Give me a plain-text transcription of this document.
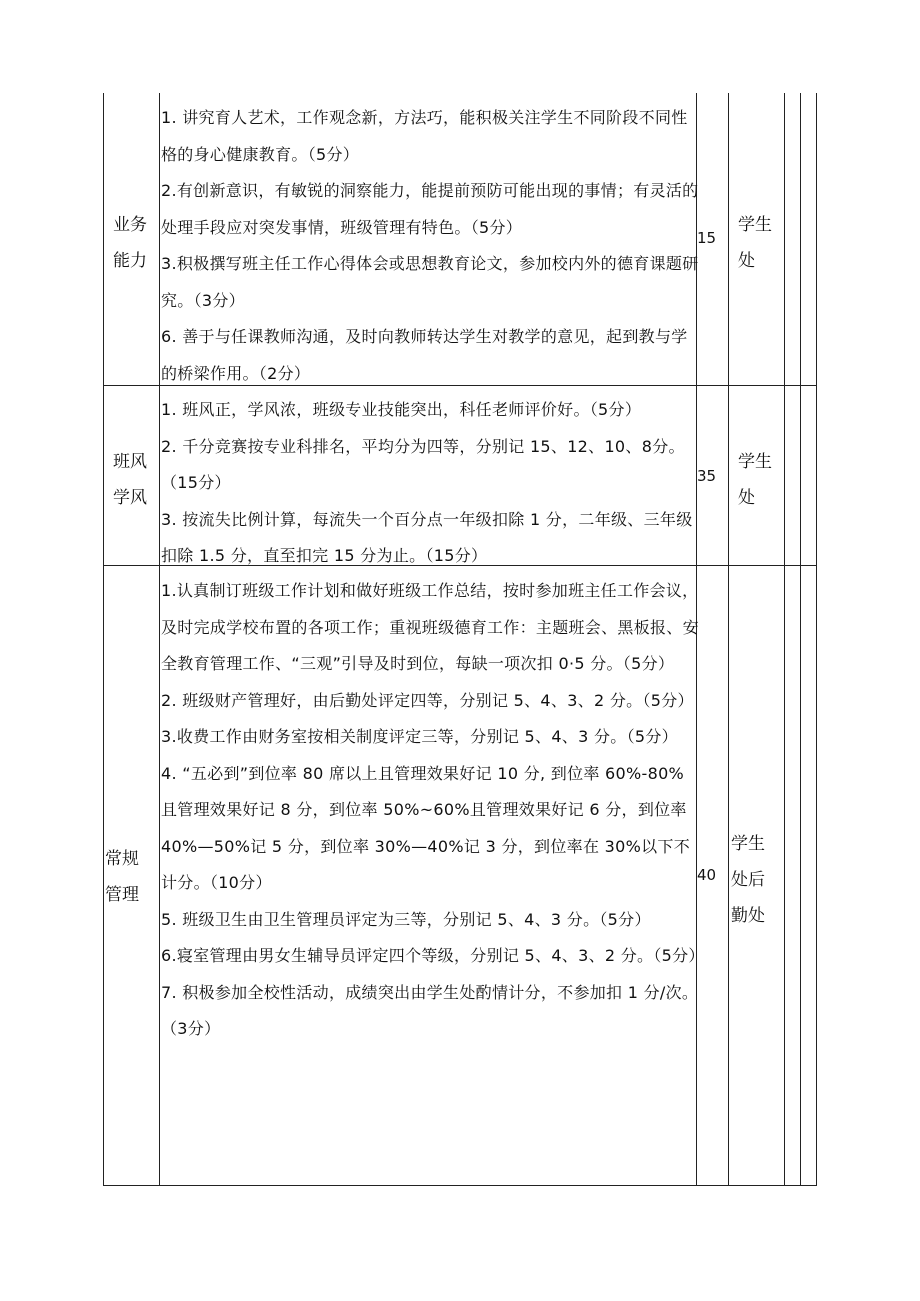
业务
能力
1. 讲究育人艺术，工作观念新，方法巧，能积极关注学生不同阶段不同性格的身心健康教育。（5分）
2.有创新意识，有敏锐的洞察能力，能提前预防可能出现的事情；有灵活的处理手段应对突发事情，班级管理有特色。（5分）
3.积极撰写班主任工作心得体会或思想教育论文，参加校内外的德育课题研究。（3分）
6. 善于与任课教师沟通，及时向教师转达学生对教学的意见，起到教与学的桥梁作用。（2分）
15
学生
处
班风
学风
1. 班风正，学风浓，班级专业技能突出，科任老师评价好。（5分）
2. 千分竞赛按专业科排名，平均分为四等，分别记 15、12、10、8分。（15分）
3. 按流失比例计算，每流失一个百分点一年级扣除 1 分，二年级、三年级扣除 1.5 分，直至扣完 15 分为止。（15分）
35
学生
处
常规
管理
1.认真制订班级工作计划和做好班级工作总结，按时参加班主任工作会议，及时完成学校布置的各项工作；重视班级德育工作：主题班会、黑板报、安全教育管理工作、“三观”引导及时到位，每缺一项次扣 0·5 分。（5分）
2. 班级财产管理好，由后勤处评定四等，分别记 5、4、3、2 分。（5分）
3.收费工作由财务室按相关制度评定三等，分别记 5、4、3 分。（5分）
4. “五必到”到位率 80 席以上且管理效果好记 10 分, 到位率 60%-80%且管理效果好记 8 分，到位率 50%~60%且管理效果好记 6 分，到位率 40%—50%记 5 分，到位率 30%—40%记 3 分，到位率在 30%以下不计分。（10分）
5. 班级卫生由卫生管理员评定为三等，分别记 5、4、3 分。（5分）
6.寝室管理由男女生辅导员评定四个等级，分别记 5、4、3、2 分。（5分）
7. 积极参加全校性活动，成绩突出由学生处酌情计分，不参加扣 1 分/次。（3分）
40
学生
处后
勤处
